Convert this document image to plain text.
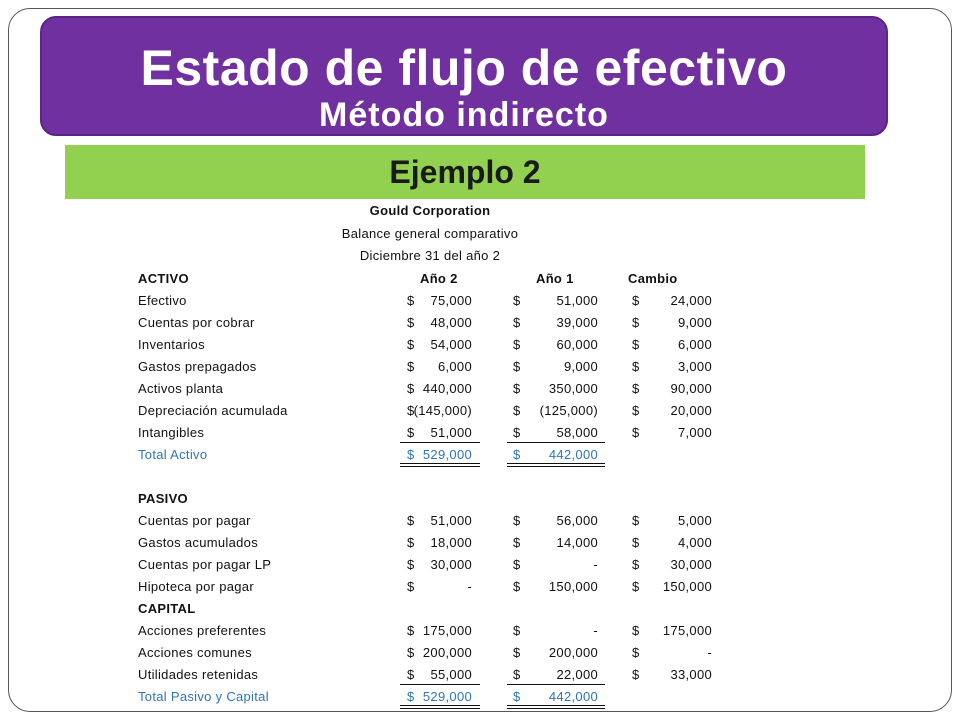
Estado de flujo de efectivo
Método indirecto
Ejemplo 2
Gould Corporation
Balance general comparativo
Diciembre 31 del año 2
ACTIVO	Año 2	Año 1	Cambio
Efectivo	$	75,000	$	51,000	$	24,000
Cuentas por cobrar	$	48,000	$	39,000	$	9,000
Inventarios	$	54,000	$	60,000	$	6,000
Gastos prepagados	$	6,000	$	9,000	$	3,000
Activos planta	$ 440,000	$	350,000	$	90,000
Depreciación acumulada	$ (145,000)	$	(125,000)	$	20,000
Intangibles	$	51,000	$	58,000	$	7,000
Total Activo	$ 529,000	$	442,000
PASIVO
Cuentas por pagar	$	51,000	$	56,000	$	5,000
Gastos acumulados	$	18,000	$	14,000	$	4,000
Cuentas por pagar LP	$	30,000	$	-	$	30,000
Hipoteca por pagar	$	-	$	150,000	$	150,000
CAPITAL
Acciones preferentes	$ 175,000	$	-	$	175,000
Acciones comunes	$ 200,000	$	200,000	$	-
Utilidades retenidas	$	55,000	$	22,000	$	33,000
Total Pasivo y Capital	$ 529,000	$	442,000
